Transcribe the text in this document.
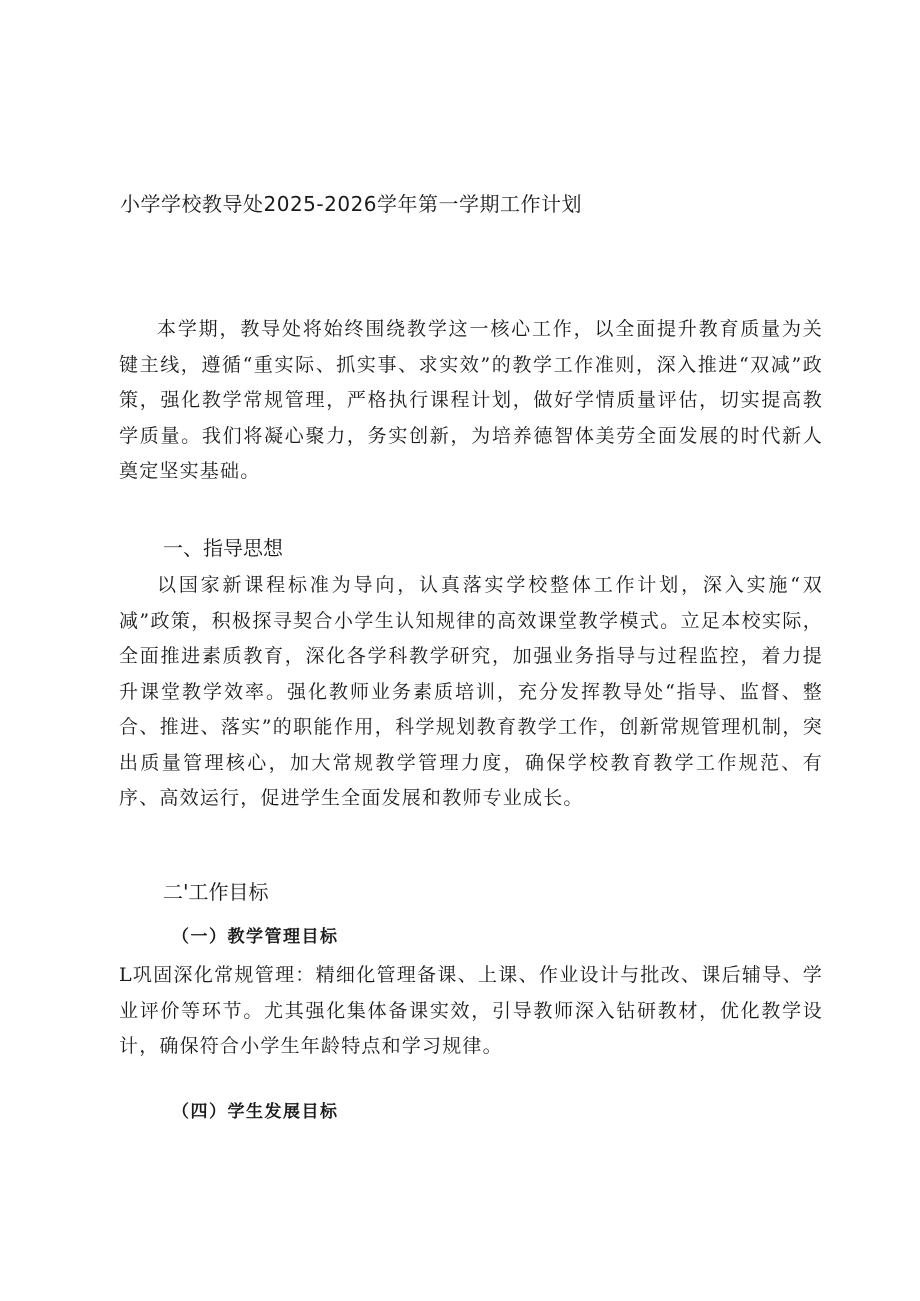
小学学校教导处2025-2026学年第一学期工作计划

本学期，教导处将始终围绕教学这一核心工作，以全面提升教育质量为关键主线，遵循“重实际、抓实事、求实效”的教学工作准则，深入推进“双减”政策，强化教学常规管理，严格执行课程计划，做好学情质量评估，切实提高教学质量。我们将凝心聚力，务实创新，为培养德智体美劳全面发展的时代新人奠定坚实基础。

一、指导思想

以国家新课程标准为导向，认真落实学校整体工作计划，深入实施“双减”政策，积极探寻契合小学生认知规律的高效课堂教学模式。立足本校实际，全面推进素质教育，深化各学科教学研究，加强业务指导与过程监控，着力提升课堂教学效率。强化教师业务素质培训，充分发挥教导处“指导、监督、整合、推进、落实”的职能作用，科学规划教育教学工作，创新常规管理机制，突出质量管理核心，加大常规教学管理力度，确保学校教育教学工作规范、有序、高效运行，促进学生全面发展和教师专业成长。

二'工作目标
（一）教学管理目标

L巩固深化常规管理：精细化管理备课、上课、作业设计与批改、课后辅导、学业评价等环节。尤其强化集体备课实效，引导教师深入钻研教材，优化教学设计，确保符合小学生年龄特点和学习规律。

（四）学生发展目标
